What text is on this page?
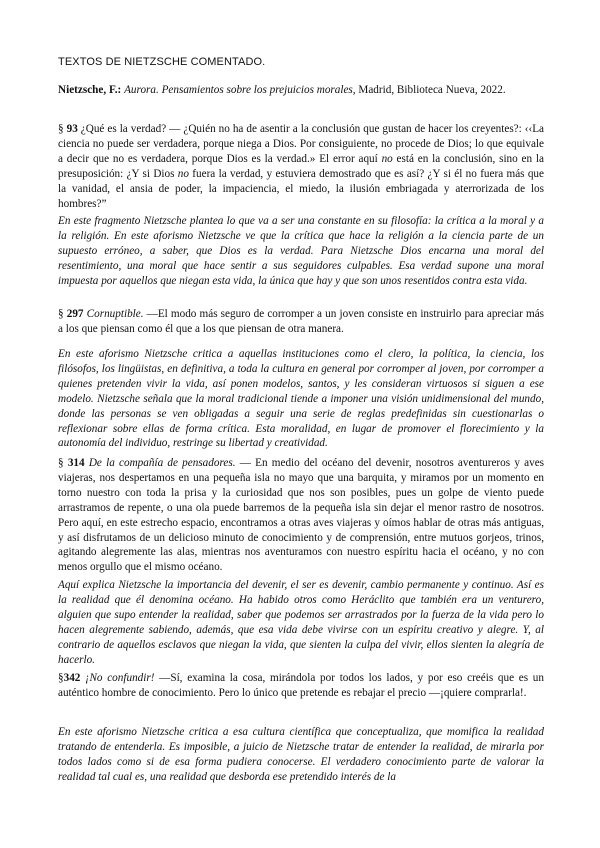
TEXTOS DE NIETZSCHE COMENTADO.

Nietzsche, F.: Aurora. Pensamientos sobre los prejuicios morales, Madrid, Biblioteca Nueva, 2022.

§ 93 ¿Qué es la verdad? — ¿Quién no ha de asentir a la conclusión que gustan de hacer los creyentes?: ‹‹La ciencia no puede ser verdadera, porque niega a Dios. Por consiguiente, no procede de Dios; lo que equivale a decir que no es verdadera, porque Dios es la verdad.» El error aquí no está en la conclusión, sino en la presuposición: ¿Y si Dios no fuera la verdad, y estuviera demostrado que es así? ¿Y si él no fuera más que la vanidad, el ansia de poder, la impaciencia, el miedo, la ilusión embriagada y aterrorizada de los hombres?”

En este fragmento Nietzsche plantea lo que va a ser una constante en su filosofía: la crítica a la moral y a la religión. En este aforismo Nietzsche ve que la crítica que hace la religión a la ciencia parte de un supuesto erróneo, a saber, que Dios es la verdad. Para Nietzsche Dios encarna una moral del resentimiento, una moral que hace sentir a sus seguidores culpables. Esa verdad supone una moral impuesta por aquellos que niegan esta vida, la única que hay y que son unos resentidos contra esta vida.

§ 297 Cornuptible. —El modo más seguro de corromper a un joven consiste en instruirlo para apreciar más a los que piensan como él que a los que piensan de otra manera.

En este aforismo Nietzsche critica a aquellas instituciones como el clero, la política, la ciencia, los filósofos, los lingüistas, en definitiva, a toda la cultura en general por corromper al joven, por corromper a quienes pretenden vivir la vida, así ponen modelos, santos, y les consideran virtuosos si siguen a ese modelo. Nietzsche señala que la moral tradicional tiende a imponer una visión unidimensional del mundo, donde las personas se ven obligadas a seguir una serie de reglas predefinidas sin cuestionarlas o reflexionar sobre ellas de forma crítica. Esta moralidad, en lugar de promover el florecimiento y la autonomía del individuo, restringe su libertad y creatividad.

§ 314 De la compañía de pensadores. — En medio del océano del devenir, nosotros aventureros y aves viajeras, nos despertamos en una pequeña isla no mayo que una barquita, y miramos por un momento en torno nuestro con toda la prisa y la curiosidad que nos son posibles, pues un golpe de viento puede arrastramos de repente, o una ola puede barremos de la pequeña isla sin dejar el menor rastro de nosotros. Pero aquí, en este estrecho espacio, encontramos a otras aves viajeras y oímos hablar de otras más antiguas, y así disfrutamos de un delicioso minuto de conocimiento y de comprensión, entre mutuos gorjeos, trinos, agitando alegremente las alas, mientras nos aventuramos con nuestro espíritu hacia el océano, y no con menos orgullo que el mismo océano.

Aquí explica Nietzsche la importancia del devenir, el ser es devenir, cambio permanente y continuo. Así es la realidad que él denomina océano. Ha habido otros como Heráclito que también era un venturero, alguien que supo entender la realidad, saber que podemos ser arrastrados por la fuerza de la vida pero lo hacen alegremente sabiendo, además, que esa vida debe vivirse con un espíritu creativo y alegre. Y, al contrario de aquellos esclavos que niegan la vida, que sienten la culpa del vivir, ellos sienten la alegría de hacerlo.

§342 ¡No confundir! —Sí, examina la cosa, mirándola por todos los lados, y por eso creéis que es un auténtico hombre de conocimiento. Pero lo único que pretende es rebajar el precio —¡quiere comprarla!.

En este aforismo Nietzsche critica a esa cultura científica que conceptualiza, que momifica la realidad tratando de entenderla. Es imposible, a juicio de Nietzsche tratar de entender la realidad, de mirarla por todos lados como si de esa forma pudiera conocerse. El verdadero conocimiento parte de valorar la realidad tal cual es, una realidad que desborda ese pretendido interés de la
